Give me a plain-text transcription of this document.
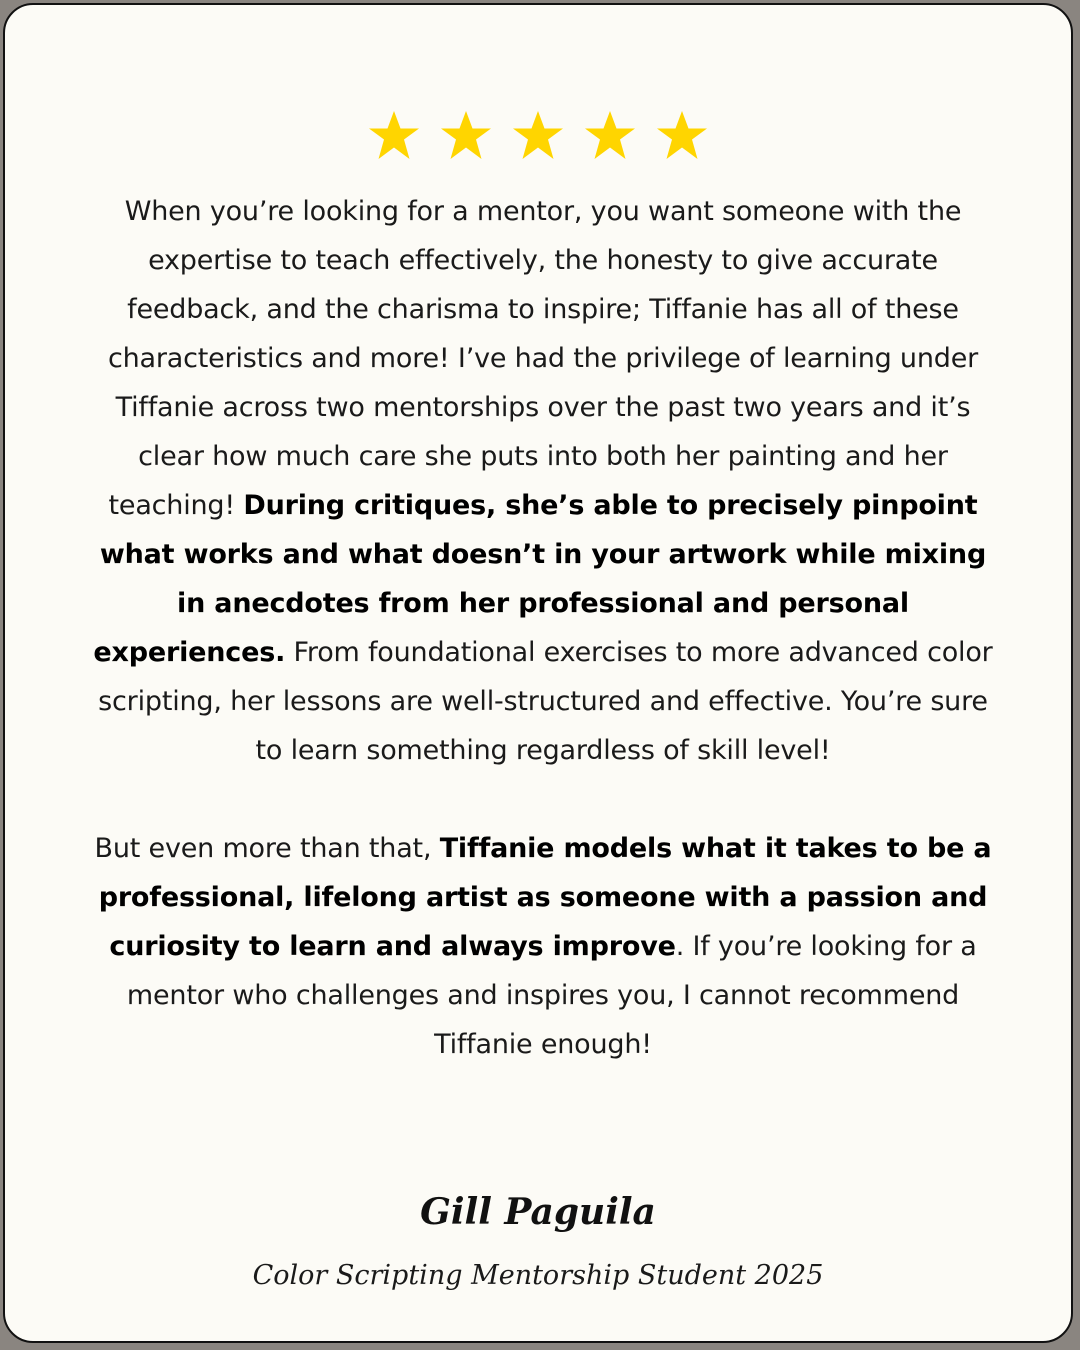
When you’re looking for a mentor, you want someone with the expertise to teach effectively, the honesty to give accurate feedback, and the charisma to inspire; Tiffanie has all of these characteristics and more! I’ve had the privilege of learning under Tiffanie across two mentorships over the past two years and it’s clear how much care she puts into both her painting and her teaching! During critiques, she’s able to precisely pinpoint what works and what doesn’t in your artwork while mixing in anecdotes from her professional and personal experiences. From foundational exercises to more advanced color scripting, her lessons are well-structured and effective. You’re sure to learn something regardless of skill level!

But even more than that, Tiffanie models what it takes to be a professional, lifelong artist as someone with a passion and curiosity to learn and always improve. If you’re looking for a mentor who challenges and inspires you, I cannot recommend Tiffanie enough!

Gill Paguila
Color Scripting Mentorship Student 2025
